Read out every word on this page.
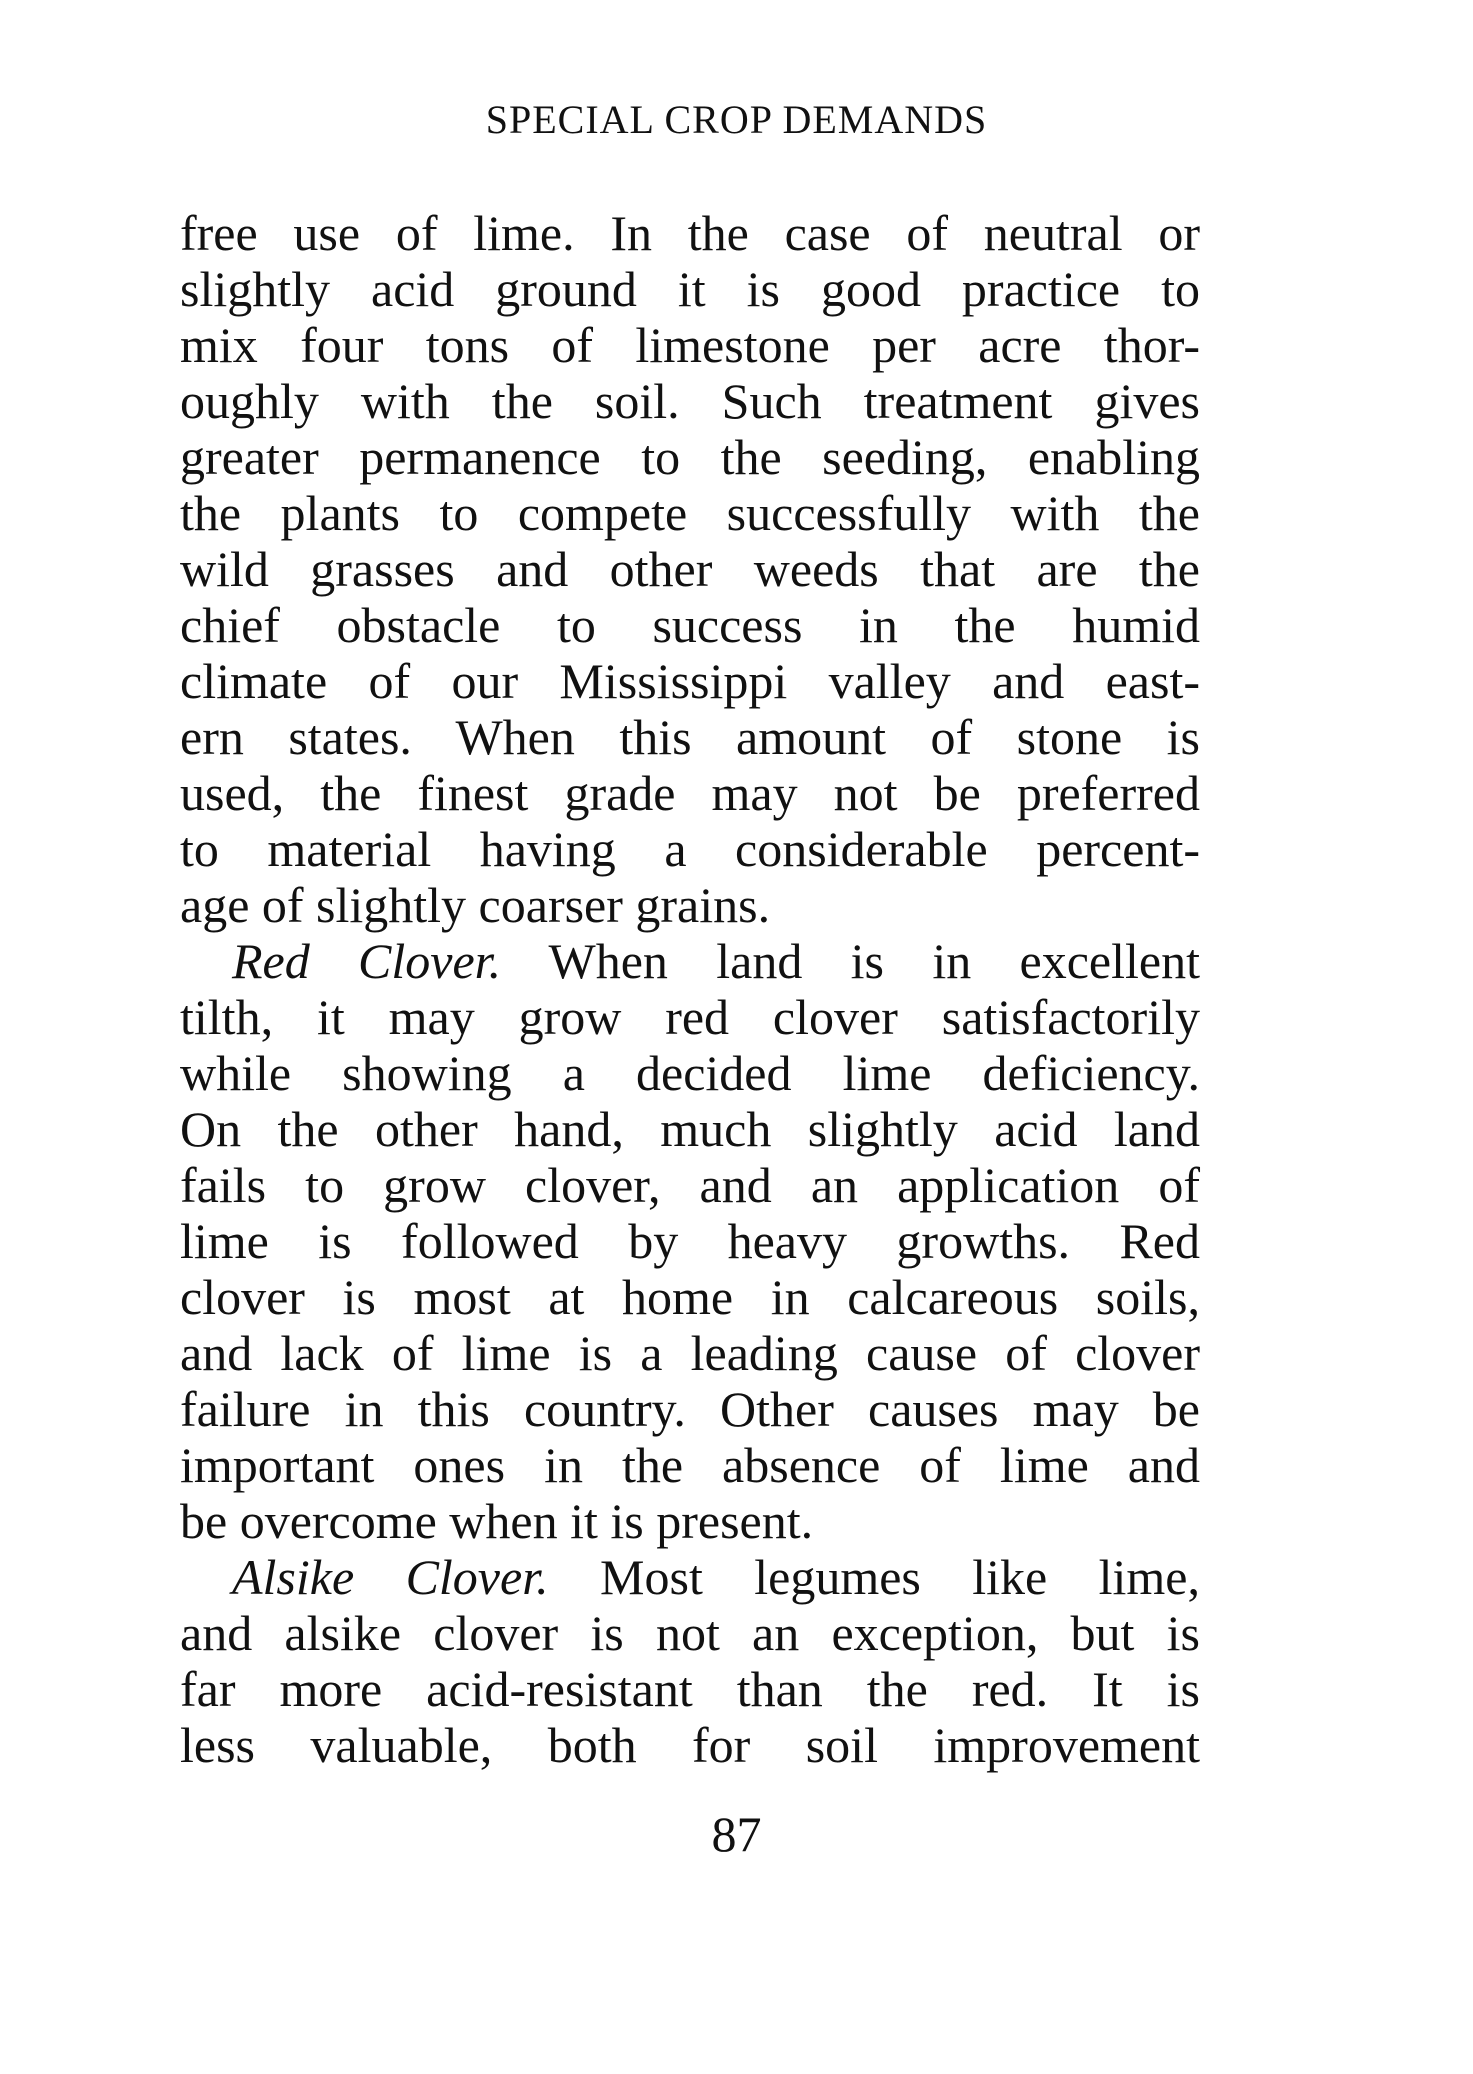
SPECIAL CROP DEMANDS
free use of lime. In the case of neutral or
slightly acid ground it is good practice to
mix four tons of limestone per acre thor-
oughly with the soil. Such treatment gives
greater permanence to the seeding, enabling
the plants to compete successfully with the
wild grasses and other weeds that are the
chief obstacle to success in the humid
climate of our Mississippi valley and east-
ern states. When this amount of stone is
used, the finest grade may not be preferred
to material having a considerable percent-
age of slightly coarser grains.
Red Clover. When land is in excellent
tilth, it may grow red clover satisfactorily
while showing a decided lime deficiency.
On the other hand, much slightly acid land
fails to grow clover, and an application of
lime is followed by heavy growths. Red
clover is most at home in calcareous soils,
and lack of lime is a leading cause of clover
failure in this country. Other causes may be
important ones in the absence of lime and
be overcome when it is present.
Alsike Clover. Most legumes like lime,
and alsike clover is not an exception, but is
far more acid-resistant than the red. It is
less valuable, both for soil improvement
87
